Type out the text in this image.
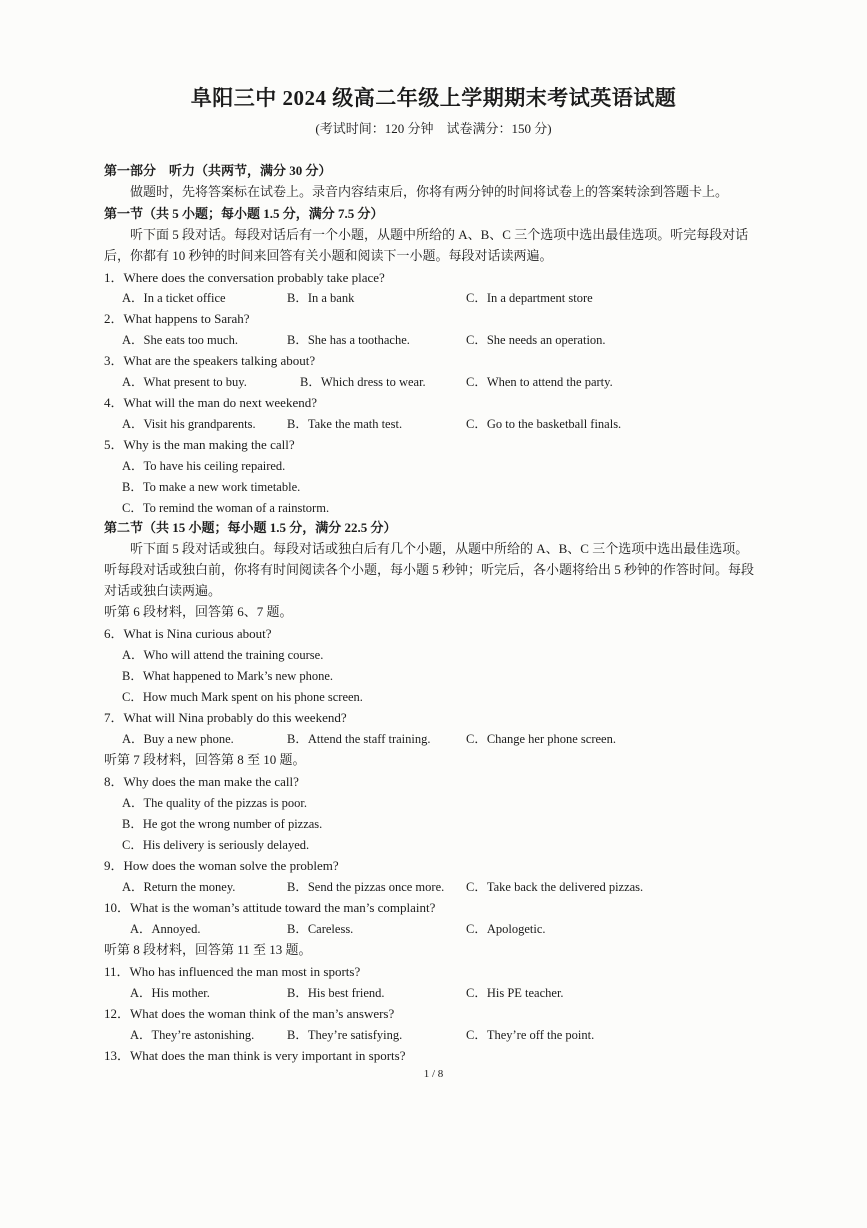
阜阳三中 2024 级高二年级上学期期末考试英语试题
(考试时间：120 分钟　试卷满分：150 分)
第一部分　听力（共两节，满分 30 分）
做题时，先将答案标在试卷上。录音内容结束后，你将有两分钟的时间将试卷上的答案转涂到答题卡上。
第一节（共 5 小题；每小题 1.5 分，满分 7.5 分）
听下面 5 段对话。每段对话后有一个小题，从题中所给的 A、B、C 三个选项中选出最佳选项。听完每段对话
后，你都有 10 秒钟的时间来回答有关小题和阅读下一小题。每段对话读两遍。
1．Where does the conversation probably take place?
A．In a ticket office	B．In a bank	C．In a department store
2．What happens to Sarah?
A．She eats too much.	B．She has a toothache.	C．She needs an operation.
3．What are the speakers talking about?
A．What present to buy.	B．Which dress to wear.	C．When to attend the party.
4．What will the man do next weekend?
A．Visit his grandparents.	B．Take the math test.	C．Go to the basketball finals.
5．Why is the man making the call?
A．To have his ceiling repaired.
B．To make a new work timetable.
C．To remind the woman of a rainstorm.
第二节（共 15 小题；每小题 1.5 分，满分 22.5 分）
听下面 5 段对话或独白。每段对话或独白后有几个小题，从题中所给的 A、B、C 三个选项中选出最佳选项。
听每段对话或独白前，你将有时间阅读各个小题，每小题 5 秒钟；听完后，各小题将给出 5 秒钟的作答时间。每段
对话或独白读两遍。
听第 6 段材料，回答第 6、7 题。
6．What is Nina curious about?
A．Who will attend the training course.
B．What happened to Mark’s new phone.
C．How much Mark spent on his phone screen.
7．What will Nina probably do this weekend?
A．Buy a new phone.	B．Attend the staff training.	C．Change her phone screen.
听第 7 段材料，回答第 8 至 10 题。
8．Why does the man make the call?
A．The quality of the pizzas is poor.
B．He got the wrong number of pizzas.
C．His delivery is seriously delayed.
9．How does the woman solve the problem?
A．Return the money.	B．Send the pizzas once more. C．Take back the delivered pizzas.
10．What is the woman’s attitude toward the man’s complaint?
A．Annoyed.	B．Careless.	C．Apologetic.
听第 8 段材料，回答第 11 至 13 题。
11．Who has influenced the man most in sports?
A．His mother.	B．His best friend.	C．His PE teacher.
12．What does the woman think of the man’s answers?
A．They’re astonishing.	B．They’re satisfying.	C．They’re off the point.
13．What does the man think is very important in sports?
1 / 8
